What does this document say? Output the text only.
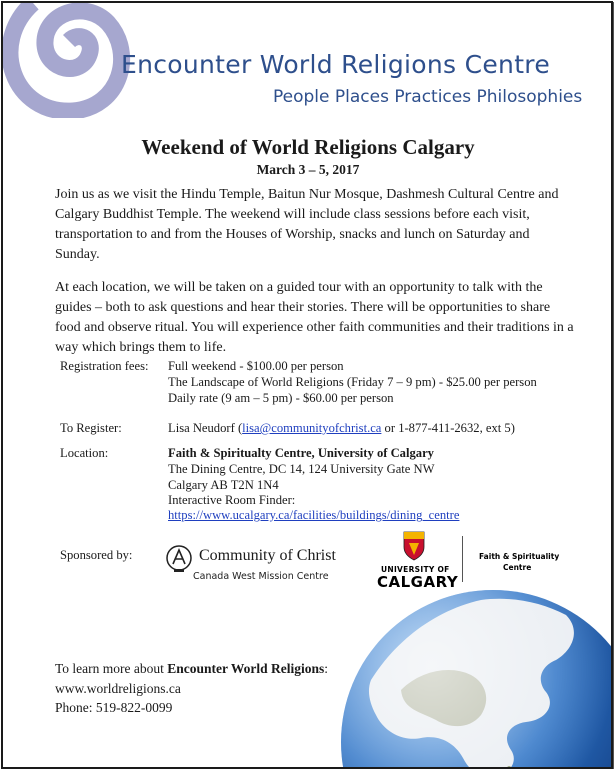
Encounter World Religions Centre
People Places Practices Philosophies
Weekend of World Religions Calgary
March 3 – 5, 2017
Join us as we visit the Hindu Temple, Baitun Nur Mosque, Dashmesh Cultural Centre and Calgary Buddhist Temple. The weekend will include class sessions before each visit, transportation to and from the Houses of Worship, snacks and lunch on Saturday and Sunday.
At each location, we will be taken on a guided tour with an opportunity to talk with the guides – both to ask questions and hear their stories. There will be opportunities to share food and observe ritual. You will experience other faith communities and their traditions in a way which brings them to life.
Registration fees: Full weekend - $100.00 per person
The Landscape of World Religions (Friday 7 – 9 pm) - $25.00 per person
Daily rate (9 am – 5 pm) - $60.00 per person
To Register:	Lisa Neudorf (lisa@communityofchrist.ca or 1-877-411-2632, ext 5)
Location:	Faith & Spiritualty Centre, University of Calgary
The Dining Centre, DC 14, 124 University Gate NW
Calgary AB T2N 1N4
Interactive Room Finder:
https://www.ucalgary.ca/facilities/buildings/dining_centre
Sponsored by:	Community of Christ
Canada West Mission Centre
UNIVERSITY OF
CALGARY
Faith & Spirituality
Centre
To learn more about Encounter World Religions:
www.worldreligions.ca
Phone: 519-822-0099
